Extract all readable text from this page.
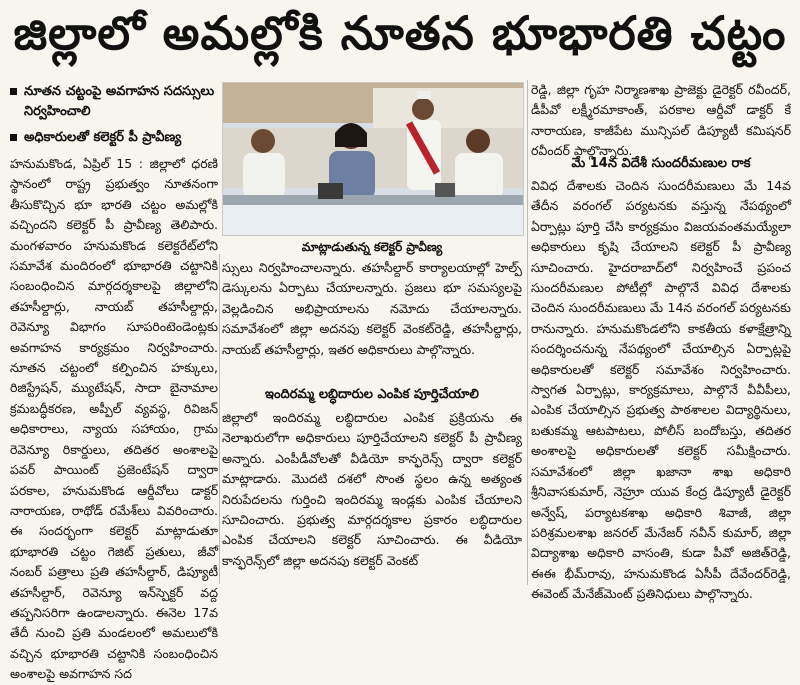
జిల్లాలో అమల్లోకి నూతన భూభారతి చట్టం
నూతన చట్టంపై అవగాహన సదస్సులు నిర్వహించాలి
అధికారులతో కలెక్టర్ పీ ప్రావీణ్య
మాట్లాడుతున్న కలెక్టర్ ప్రావీణ్య

హనుమకొండ, ఏప్రిల్ 15 : జిల్లాలో ధరణి స్థానంలో రాష్ట్ర ప్రభుత్వం నూతనంగా తీసుకొచ్చిన భూ భారతి చట్టం అమల్లోకి వచ్చిందని కలెక్టర్ పీ ప్రావీణ్య తెలిపారు. మంగళవారం హనుమకొండ కలెక్టరేట్‌లోని సమావేశ మందిరంలో భూభారతి చట్టానికి సంబంధించిన మార్గదర్శకాలపై జిల్లాలోని తహసీల్దార్లు, నాయబ్ తహసీల్దార్లు, రెవెన్యూ విభాగం సూపరింటెండెంట్లకు అవగాహన కార్యక్రమం నిర్వహించారు. నూతన చట్టంలో కల్పించిన హక్కులు, రిజిస్ట్రేషన్, మ్యుటేషన్, సాదా బైనామాల క్రమబద్ధీకరణ, అప్పీల్ వ్యవస్థ, రివిజన్ అధికారాలు, న్యాయ సహాయం, గ్రామ రెవెన్యూ రికార్డులు, తదితర అంశాలపై పవర్ పాయింట్ ప్రజెంటేషన్ ద్వారా పరకాల, హనుమకొండ ఆర్డీవోలు డాక్టర్ నారాయణ, రాథోడ్ రమేశ్‌లు వివరించారు. ఈ సందర్భంగా కలెక్టర్ మాట్లాడుతూ భూభారతి చట్టం గెజిట్ ప్రతులు, జీవో నంబర్ పత్రాలు ప్రతి తహసీల్దార్, డిప్యూటీ తహసీల్దార్, రెవెన్యూ ఇన్‌స్పెక్టర్ వద్ద తప్పనిసరిగా ఉండాలన్నారు. ఈనెల 17వ తేదీ నుంచి ప్రతి మండలంలో అమలులోకి వచ్చిన భూభారతి చట్టానికి సంబంధించిన అంశాలపై అవగాహన సద

స్సులు నిర్వహించాలన్నారు. తహసీల్దార్ కార్యాలయాల్లో హెల్ప్ డెస్కులను ఏర్పాటు చేయాలన్నారు. ప్రజలు భూ సమస్యలపై వెల్లడించిన అభిప్రాయాలను నమోదు చేయాలన్నారు. సమావేశంలో జిల్లా అదనపు కలెక్టర్ వెంకట్‌రెడ్డి, తహసీల్దార్లు, నాయబ్ తహసీల్దార్లు, ఇతర అధికారులు పాల్గొన్నారు.

ఇందిరమ్మ లబ్ధిదారుల ఎంపిక పూర్తిచేయాలి

జిల్లాలో ఇందిరమ్మ లబ్ధిదారుల ఎంపిక ప్రక్రియను ఈ నెలాఖరులోగా అధికారులు పూర్తిచేయాలని కలెక్టర్ పీ ప్రావీణ్య అన్నారు. ఎంపీడీవోలతో వీడియో కాన్ఫరెన్స్ ద్వారా కలెక్టర్ మాట్లాడారు. మొదటి దశలో సొంత స్థలం ఉన్న అత్యంత నిరుపేదలను గుర్తించి ఇందిరమ్మ ఇండ్లకు ఎంపిక చేయాలని సూచించారు. ప్రభుత్వ మార్గదర్శకాల ప్రకారం లబ్ధిదారుల ఎంపిక చేయాలని కలెక్టర్ సూచించారు. ఈ వీడియో కాన్ఫరెన్స్‌లో జిల్లా అదనపు కలెక్టర్ వెంకట్

రెడ్డి, జిల్లా గృహ నిర్మాణశాఖ ప్రాజెక్టు డైరెక్టర్ రవీందర్, డీపీవో లక్ష్మీరమాకాంత్, పరకాల ఆర్డీవో డాక్టర్ కే నారాయణ, కాజీపేట మున్సిపల్ డిప్యూటీ కమిషనర్ రవీందర్ పాల్గొన్నారు.

మే 14న విదేశీ సుందరీమణుల రాక

వివిధ దేశాలకు చెందిన సుందరీమణులు మే 14వ తేదీన వరంగల్ పర్యటనకు వస్తున్న నేపథ్యంలో ఏర్పాట్లు పూర్తి చేసి కార్యక్రమం విజయవంతమయ్యేలా అధికారులు కృషి చేయాలని కలెక్టర్ పీ ప్రావీణ్య సూచించారు. హైదరాబాద్‌లో నిర్వహించే ప్రపంచ సుందరీమణుల పోటీల్లో పాల్గొనే వివిధ దేశాలకు చెందిన సుందరీమణులు మే 14న వరంగల్ పర్యటనకు రానున్నారు. హనుమకొండలోని కాకతీయ కళాక్షేత్రాన్ని సందర్శించనున్న నేపథ్యంలో చేయాల్సిన ఏర్పాట్లపై అధికారులతో కలెక్టర్ సమావేశం నిర్వహించారు. స్వాగత ఏర్పాట్లు, కార్యక్రమాలు, పాల్గొనే వీవీపీలు, ఎంపిక చేయాల్సిన ప్రభుత్వ పాఠశాలల విద్యార్థినులు, బతుకమ్మ ఆటపాటలు, పోలీస్ బందోబస్తు, తదితర అంశాలపై అధికారులతో కలెక్టర్ సమీక్షించారు. సమావేశంలో జిల్లా ఖజానా శాఖ అధికారి శ్రీనివాసకుమార్, నెహ్రూ యువ కేంద్ర డిప్యూటీ డైరెక్టర్ అన్వేష్, పర్యాటకశాఖ అధికారి శివాజీ, జిల్లా పరిశ్రమలశాఖ జనరల్ మేనేజర్ నవీన్ కుమార్, జిల్లా విద్యాశాఖ అధికారి వాసంతి, కుడా పీవో అజిత్‌రెడ్డి, ఈఈ భీమ్‌రావు, హనుమకొండ ఏసీపీ దేవేందర్‌రెడ్డి, ఈవెంట్ మేనేజ్‌మెంట్ ప్రతినిధులు పాల్గొన్నారు.
